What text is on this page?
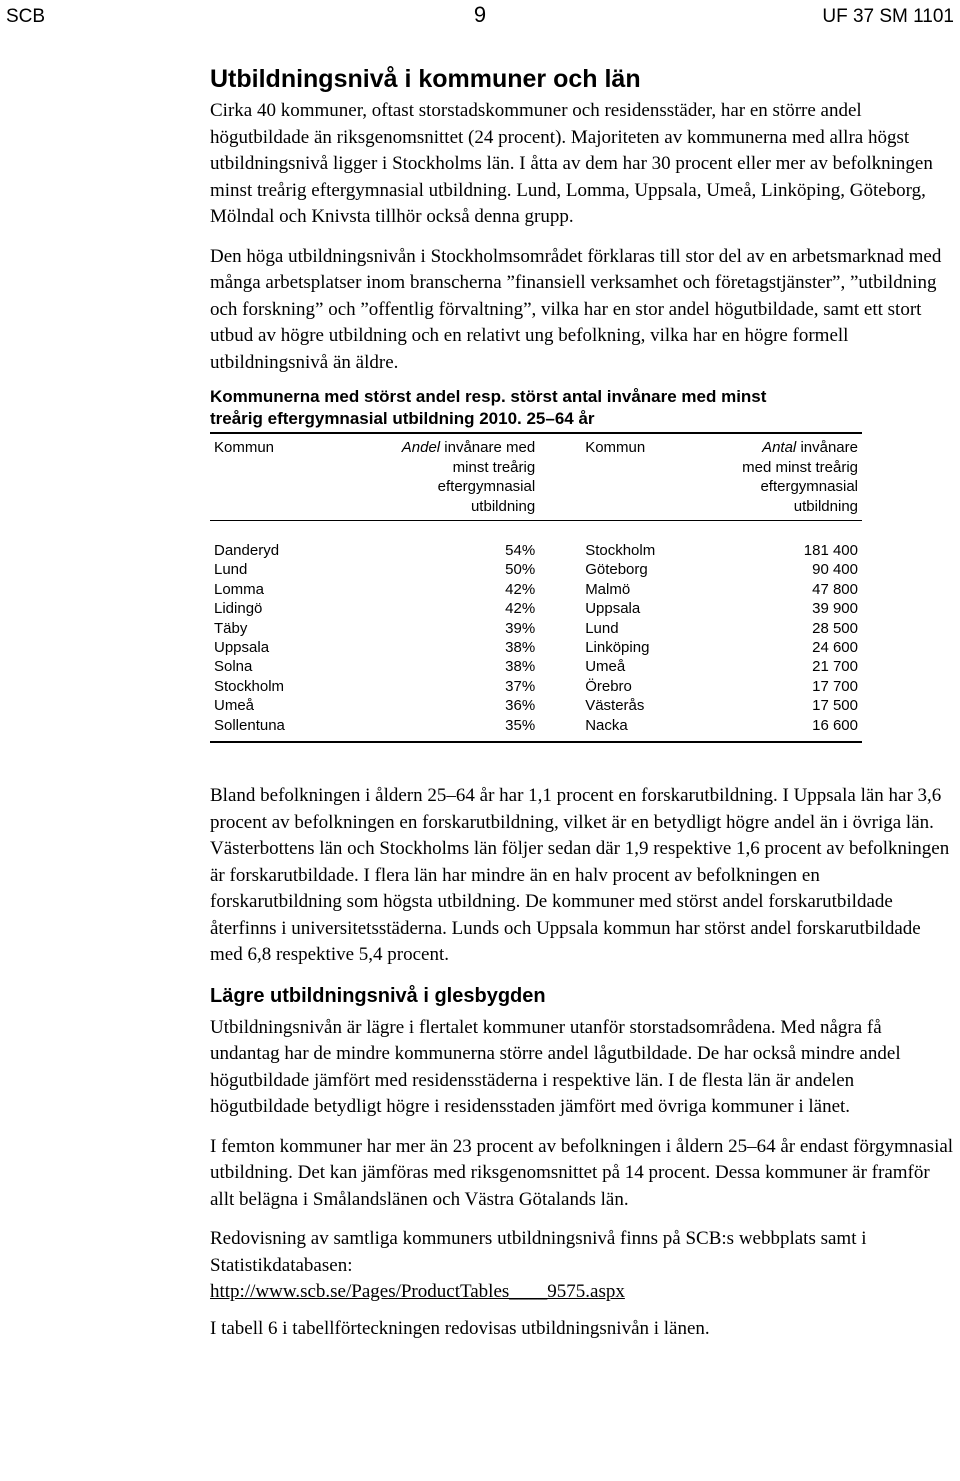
SCB	9	UF 37 SM 1101
Utbildningsnivå i kommuner och län

Cirka 40 kommuner, oftast storstadskommuner och residensstäder, har en större andel högutbildade än riksgenomsnittet (24 procent). Majoriteten av kommunerna med allra högst utbildningsnivå ligger i Stockholms län. I åtta av dem har 30 procent eller mer av befolkningen minst treårig eftergymnasial utbildning. Lund, Lomma, Uppsala, Umeå, Linköping, Göteborg, Mölndal och Knivsta tillhör också denna grupp.

Den höga utbildningsnivån i Stockholmsområdet förklaras till stor del av en arbetsmarknad med många arbetsplatser inom branscherna ”finansiell verksamhet och företagstjänster”, ”utbildning och forskning” och ”offentlig förvaltning”, vilka har en stor andel högutbildade, samt ett stort utbud av högre utbildning och en relativt ung befolkning, vilka har en högre formell utbildningsnivå än äldre.

Kommunerna med störst andel resp. störst antal invånare med minst treårig eftergymnasial utbildning 2010. 25–64 år
Kommun	Andel invånare med minst treårig eftergymnasial utbildning	Kommun	Antal invånare med minst treårig eftergymnasial utbildning

Danderyd	54%	Stockholm	181 400
Lund	50%	Göteborg	90 400
Lomma	42%	Malmö	47 800
Lidingö	42%	Uppsala	39 900
Täby	39%	Lund	28 500
Uppsala	38%	Linköping	24 600
Solna	38%	Umeå	21 700
Stockholm	37%	Örebro	17 700
Umeå	36%	Västerås	17 500
Sollentuna	35%	Nacka	16 600

Bland befolkningen i åldern 25–64 år har 1,1 procent en forskarutbildning. I Uppsala län har 3,6 procent av befolkningen en forskarutbildning, vilket är en betydligt högre andel än i övriga län. Västerbottens län och Stockholms län följer sedan där 1,9 respektive 1,6 procent av befolkningen är forskarutbildade. I flera län har mindre än en halv procent av befolkningen en forskarutbildning som högsta utbildning. De kommuner med störst andel forskarutbildade återfinns i universitetsstäderna. Lunds och Uppsala kommun har störst andel forskarutbildade med 6,8 respektive 5,4 procent.

Lägre utbildningsnivå i glesbygden

Utbildningsnivån är lägre i flertalet kommuner utanför storstadsområdena. Med några få undantag har de mindre kommunerna större andel lågutbildade. De har också mindre andel högutbildade jämfört med residensstäderna i respektive län. I de flesta län är andelen högutbildade betydligt högre i residensstaden jämfört med övriga kommuner i länet.

I femton kommuner har mer än 23 procent av befolkningen i åldern 25–64 år endast förgymnasial utbildning. Det kan jämföras med riksgenomsnittet på 14 procent. Dessa kommuner är framför allt belägna i Smålandslänen och Västra Götalands län.

Redovisning av samtliga kommuners utbildningsnivå finns på SCB:s webbplats samt i Statistikdatabasen:
http://www.scb.se/Pages/ProductTables____9575.aspx

I tabell 6 i tabellförteckningen redovisas utbildningsnivån i länen.
